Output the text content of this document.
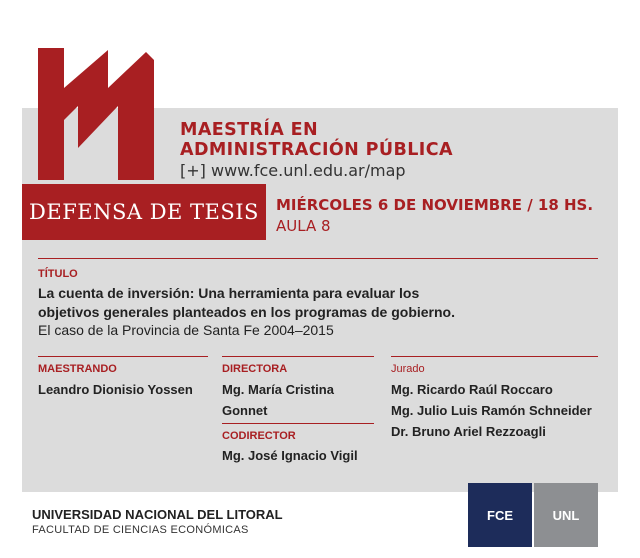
MAESTRÍA EN
ADMINISTRACIÓN PÚBLICA
[+] www.fce.unl.edu.ar/map
DEFENSA DE TESIS MIÉRCOLES 6 DE NOVIEMBRE / 18 HS.
AULA 8
TÍTULO
La cuenta de inversión: Una herramienta para evaluar los
objetivos generales planteados en los programas de gobierno.
El caso de la Provincia de Santa Fe 2004–2015
MAESTRANDO
Leandro Dionisio Yossen
DIRECTORA
Mg. María Cristina
Gonnet
CODIRECTOR
Mg. José Ignacio Vigil
Jurado
Mg. Ricardo Raúl Roccaro
Mg. Julio Luis Ramón Schneider
Dr. Bruno Ariel Rezzoagli
UNIVERSIDAD NACIONAL DEL LITORAL
FACULTAD DE CIENCIAS ECONÓMICAS
FCE	UNL
